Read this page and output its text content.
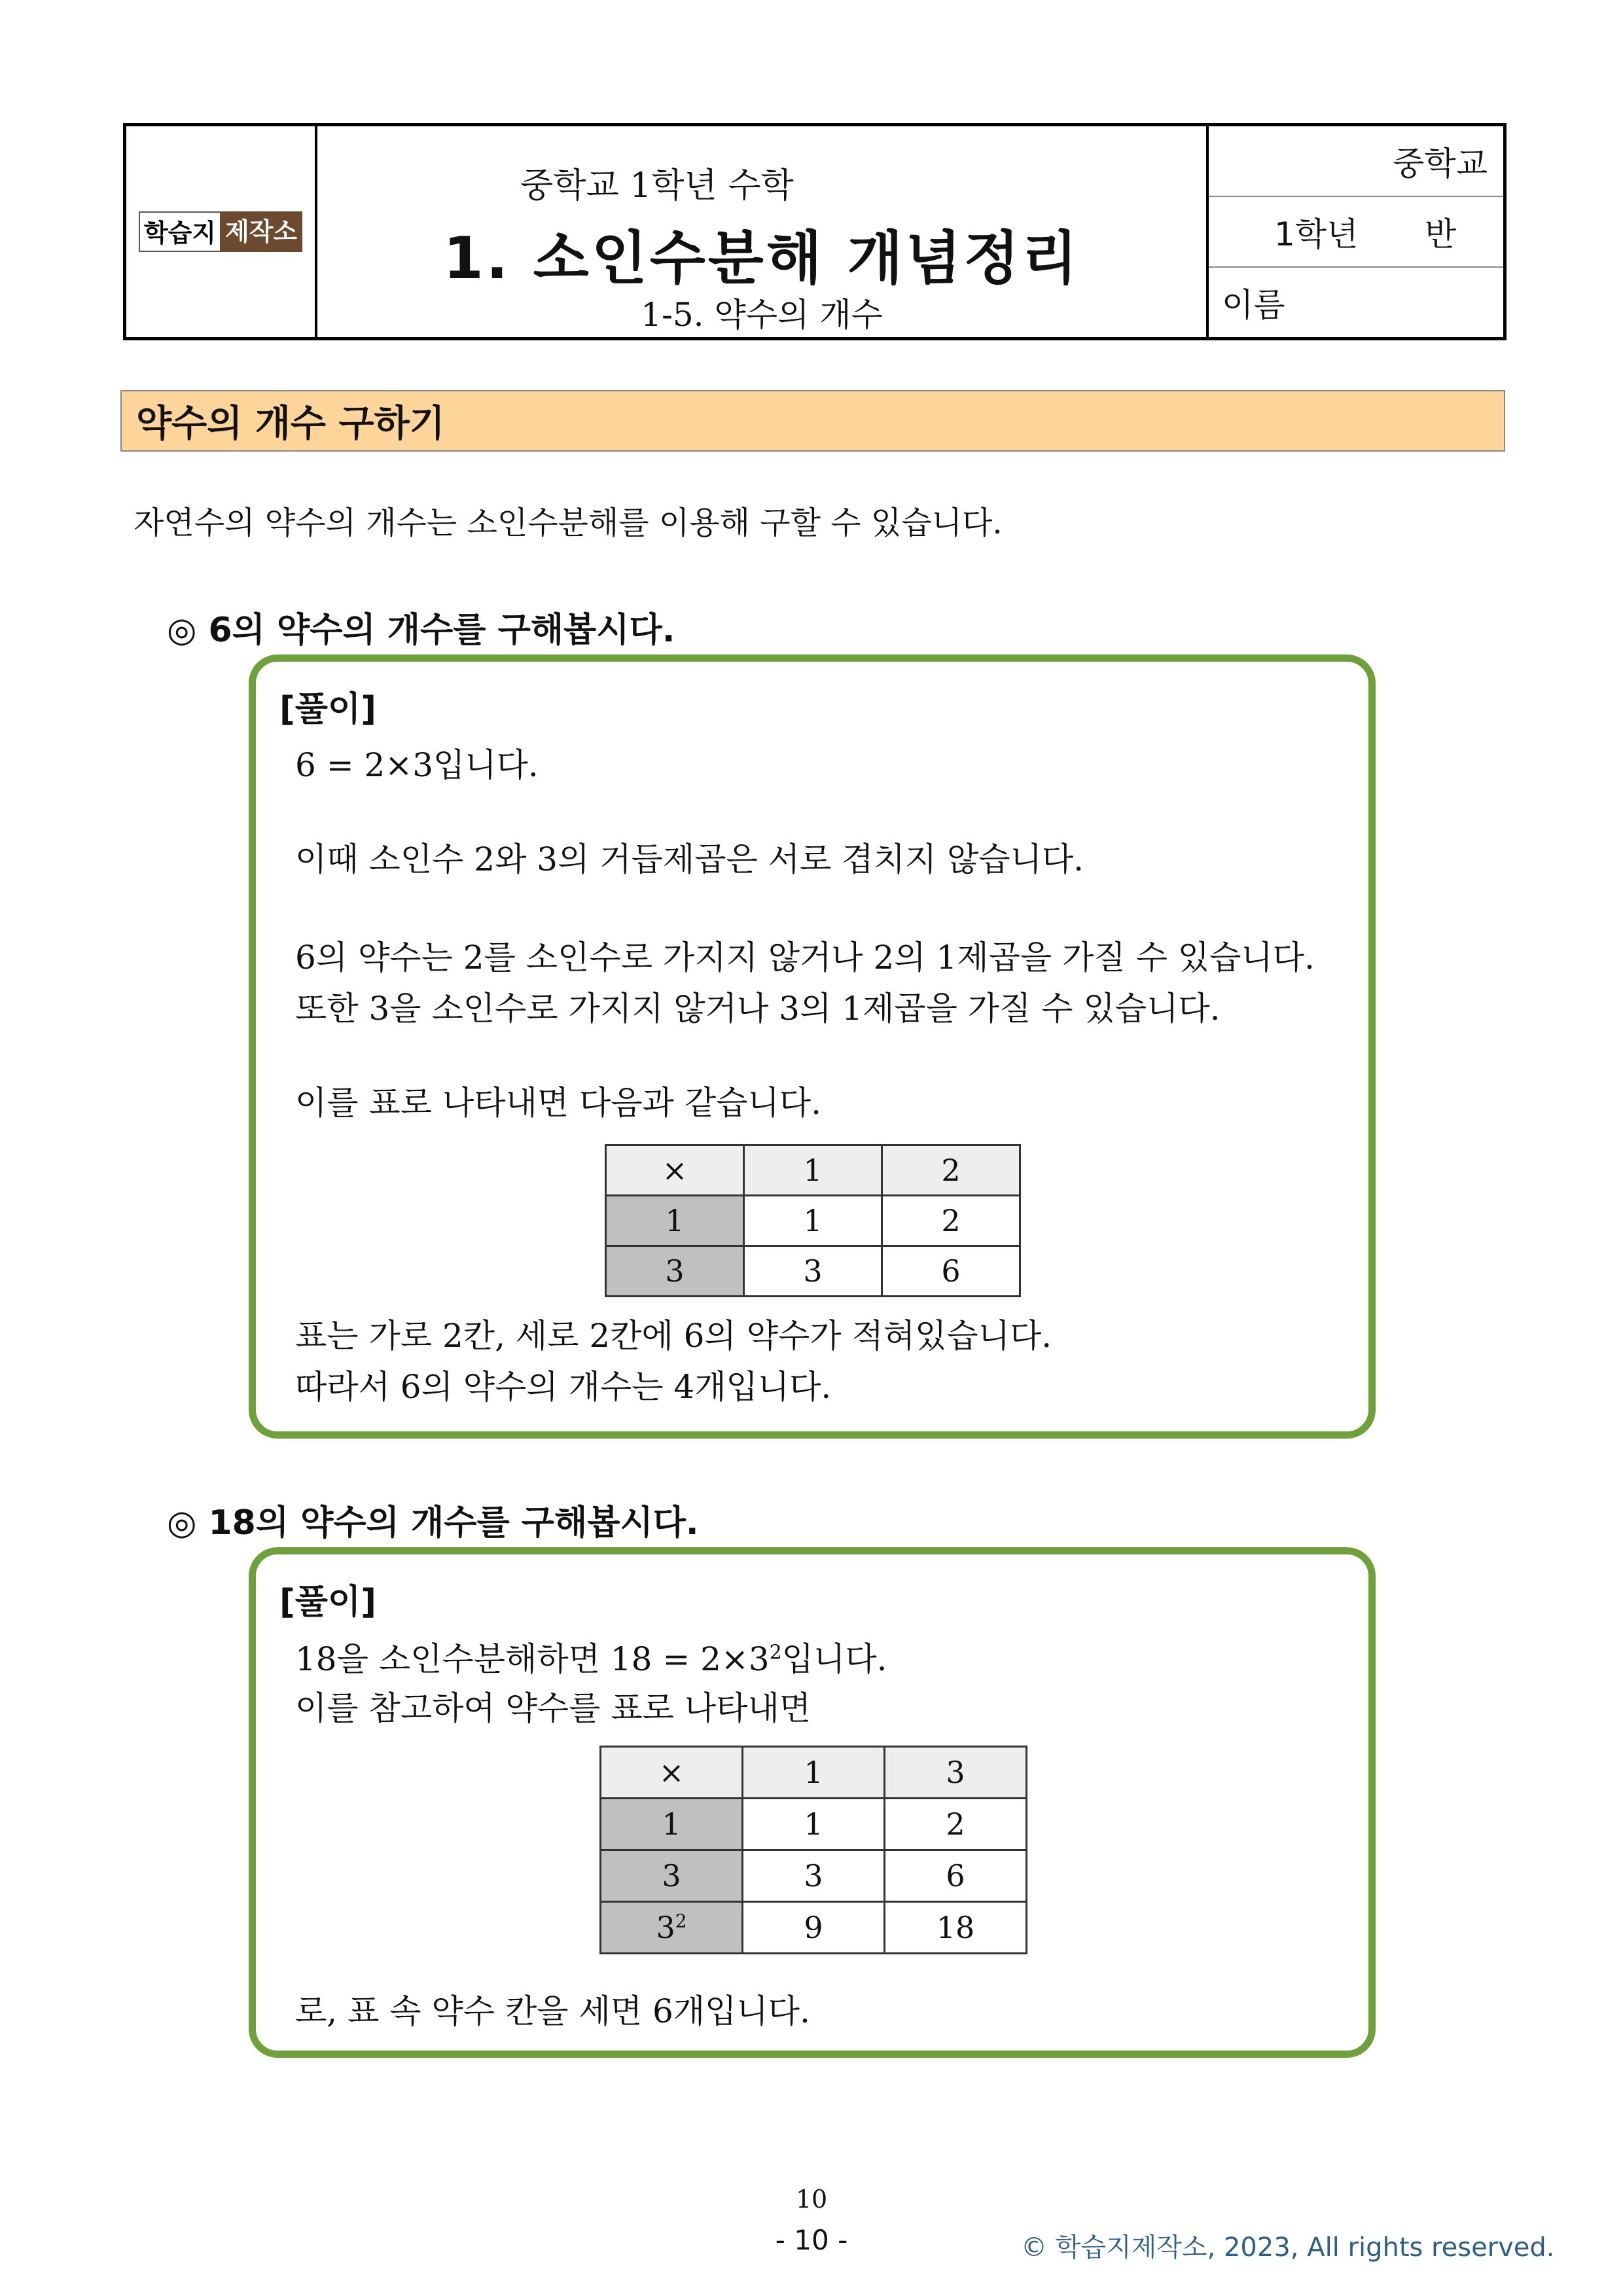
학습지 제작소
중학교 1학년 수학
1. 소인수분해 개념정리
1-5. 약수의 개수
중학교
1학년 반
이름
약수의 개수 구하기
자연수의 약수의 개수는 소인수분해를 이용해 구할 수 있습니다.
◎ 6의 약수의 개수를 구해봅시다.
[풀이]
6 = 2×3입니다.
이때 소인수 2와 3의 거듭제곱은 서로 겹치지 않습니다.
6의 약수는 2를 소인수로 가지지 않거나 2의 1제곱을 가질 수 있습니다.
또한 3을 소인수로 가지지 않거나 3의 1제곱을 가질 수 있습니다.
이를 표로 나타내면 다음과 같습니다.
×	1	2
1	1	2
3	3	6
표는 가로 2칸, 세로 2칸에 6의 약수가 적혀있습니다.
따라서 6의 약수의 개수는 4개입니다.
◎ 18의 약수의 개수를 구해봅시다.
[풀이]
18을 소인수분해하면 $18 = 2\times 3^2$입니다.
이를 참고하여 약수를 표로 나타내면
×	1	3
1	1	2
3	3	6
$3^2$	9	18
로, 표 속 약수 칸을 세면 6개입니다.
10
- 10 -	© 학습지제작소, 2023, All rights reserved.
